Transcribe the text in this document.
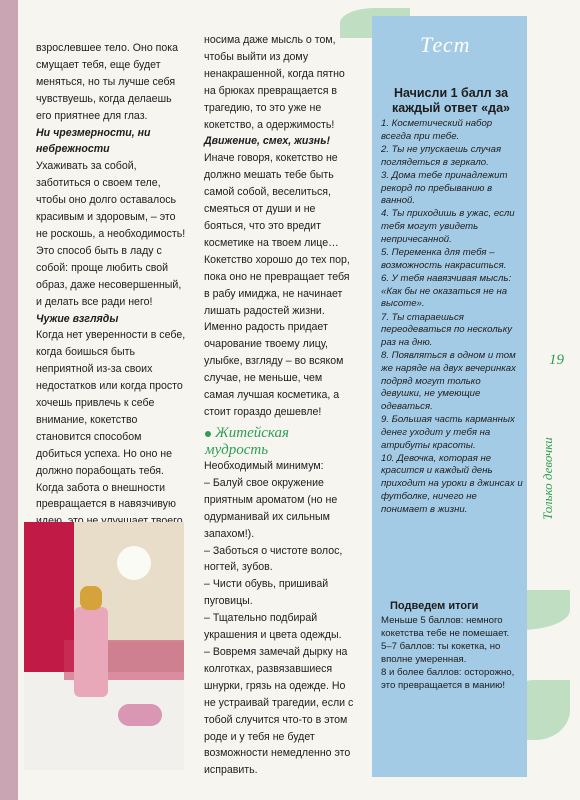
взрослевшее тело. Оно пока смущает тебя, еще будет меняться, но ты лучше себя чувствуешь, когда делаешь его приятнее для глаз.

Ни чрезмерности, ни небрежности

Ухаживать за собой, заботиться о своем теле, чтобы оно долго оставалось красивым и здоровым, – это не роскошь, а необходимость! Это способ быть в ладу с собой: проще любить свой образ, даже несовершенный, и делать все ради него!

Чужие взгляды

Когда нет уверенности в себе, когда боишься быть неприятной из-за своих недостатков или когда просто хочешь привлечь к себе внимание, кокетство становится способом добиться успеха. Но оно не должно порабощать тебя. Когда забота о внешности превращается в навязчивую

носима даже мысль о том, чтобы выйти из дому ненакрашенной, когда пятно на брюках превращается в трагедию, то это уже не кокетство, а одержимость!

Движение, смех, жизнь!

Иначе говоря, кокетство не должно мешать тебе быть самой собой, веселиться, смеяться от души и не бояться, что это вредит косметике на твоем лице…

Кокетство хорошо до тех пор, пока оно не превращает тебя в рабу имиджа, не начинает лишать радостей жизни. Именно радость придает очарование твоему лицу, улыбке, взгляду – во всяком случае, не меньше, чем самая лучшая косметика, а стоит гораздо дешевле!

Житейская мудрость

Необходимый минимум:

– Балуй свое окружение приятным ароматом (но не одурманивай их сильным запахом!).

– Заботься о чистоте волос, ногтей, зубов.

– Чисти обувь, пришивай пуговицы.

– Тщательно подбирай украшения и цвета одежды.

– Вовремя замечай дырку на колготках, развязавшиеся шнурки, грязь на одежде. Но не устраивай трагедии, если с тобой случится что-то в этом роде и у тебя не будет возможности немедленно это исправить.

Тест
Начисли 1 балл за каждый ответ «да»

1. Косметический набор всегда при тебе.

2. Ты не упускаешь случая поглядеться в зеркало.

3. Дома тебе принадлежит рекорд по пребыванию в ванной.

4. Ты приходишь в ужас, если тебя могут увидеть непричесанной.

5. Переменка для тебя – возможность накраситься.

6. У тебя навязчивая мысль: «Как бы не оказаться не на высоте».

7. Ты стараешься переодеваться по нескольку раз на дню.

8. Появляться в одном и том же наряде на двух вечеринках подряд могут только девушки, не умеющие одеваться.

9. Большая часть карманных денег уходит у тебя на атрибуты красоты.

10. Девочка, которая не красится и каждый день приходит на уроки в джинсах и футболке, ничего не понимает в жизни.

Подведем итоги

Меньше 5 баллов: немного кокетства тебе не помешает.

5–7 баллов: ты кокетка, но вполне умеренная.

8 и более баллов: осторожно, это превращается в манию!

19
Только девочки
